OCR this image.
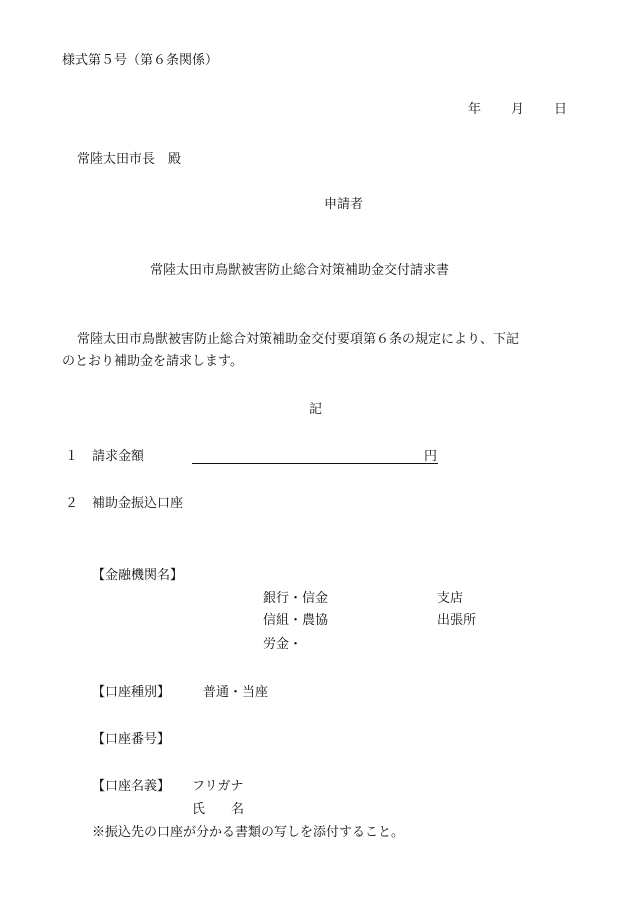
様式第５号（第６条関係）
年 月 日
常陸太田市長　殿
申請者
常陸太田市鳥獣被害防止総合対策補助金交付請求書
常陸太田市鳥獣被害防止総合対策補助金交付要項第６条の規定により、下記
のとおり補助金を請求します。
記
１ 請求金額	円
２ 補助金振込口座
【金融機関名】
銀行・信金	支店
信組・農協	出張所
労金・
【口座種別】	普通・当座
【口座番号】
【口座名義】 フリガナ
氏　　名
※振込先の口座が分かる書類の写しを添付すること。
